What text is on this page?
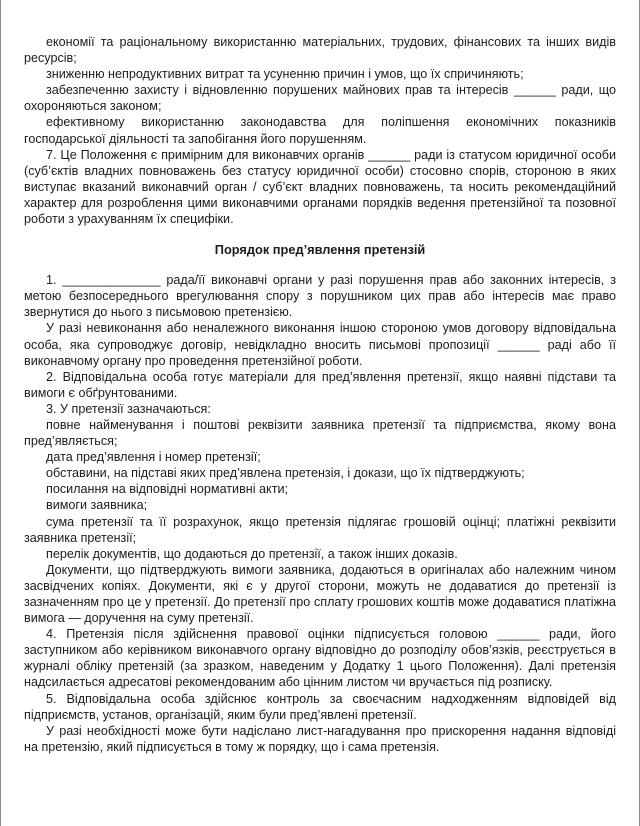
економії та раціональному використанню матеріальних, трудових, фінансових та інших видів ресурсів;

зниженню непродуктивних витрат та усуненню причин і умов, що їх спричиняють;

забезпеченню захисту і відновленню порушених майнових прав та інтересів ______ ради, що охороняються законом;

ефективному використанню законодавства для поліпшення економічних показників господарської діяльності та запобігання його порушенням.

7. Це Положення є примірним для виконавчих органів ______ ради із статусом юридичної особи (суб’єктів владних повноважень без статусу юридичної особи) стосовно спорів, стороною в яких виступає вказаний виконавчий орган / суб’єкт владних повноважень, та носить рекомендаційний характер для розроблення цими виконавчими органами порядків ведення претензійної та позовної роботи з урахуванням їх специфіки.

Порядок пред’явлення претензій

1. ______________ рада/її виконавчі органи у разі порушення прав або законних інтересів, з метою безпосереднього врегулювання спору з порушником цих прав або інтересів має право звернутися до нього з письмовою претензією.

У разі невиконання або неналежного виконання іншою стороною умов договору відповідальна особа, яка супроводжує договір, невідкладно вносить письмові пропозиції ______ раді або її виконавчому органу про проведення претензійної роботи.

2. Відповідальна особа готує матеріали для пред’явлення претензії, якщо наявні підстави та вимоги є обґрунтованими.

3. У претензії зазначаються:

повне найменування і поштові реквізити заявника претензії та підприємства, якому вона пред’являється;

дата пред’явлення і номер претензії;

обставини, на підставі яких пред’явлена претензія, і докази, що їх підтверджують;

посилання на відповідні нормативні акти;

вимоги заявника;

сума претензії та її розрахунок, якщо претензія підлягає грошовій оцінці; платіжні реквізити заявника претензії;

перелік документів, що додаються до претензії, а також інших доказів.

Документи, що підтверджують вимоги заявника, додаються в оригіналах або належним чином засвідчених копіях. Документи, які є у другої сторони, можуть не додаватися до претензії із зазначенням про це у претензії. До претензії про сплату грошових коштів може додаватися платіжна вимога — доручення на суму претензії.

4. Претензія після здійснення правової оцінки підписується головою ______ ради, його заступником або керівником виконавчого органу відповідно до розподілу обов’язків, реєструється в журналі обліку претензій (за зразком, наведеним у Додатку 1 цього Положення). Далі претензія надсилається адресатові рекомендованим або цінним листом чи вручається під розписку.

5. Відповідальна особа здійснює контроль за своєчасним надходженням відповідей від підприємств, установ, організацій, яким були пред’явлені претензії.

У разі необхідності може бути надіслано лист-нагадування про прискорення надання відповіді на претензію, який підписується в тому ж порядку, що і сама претензія.
